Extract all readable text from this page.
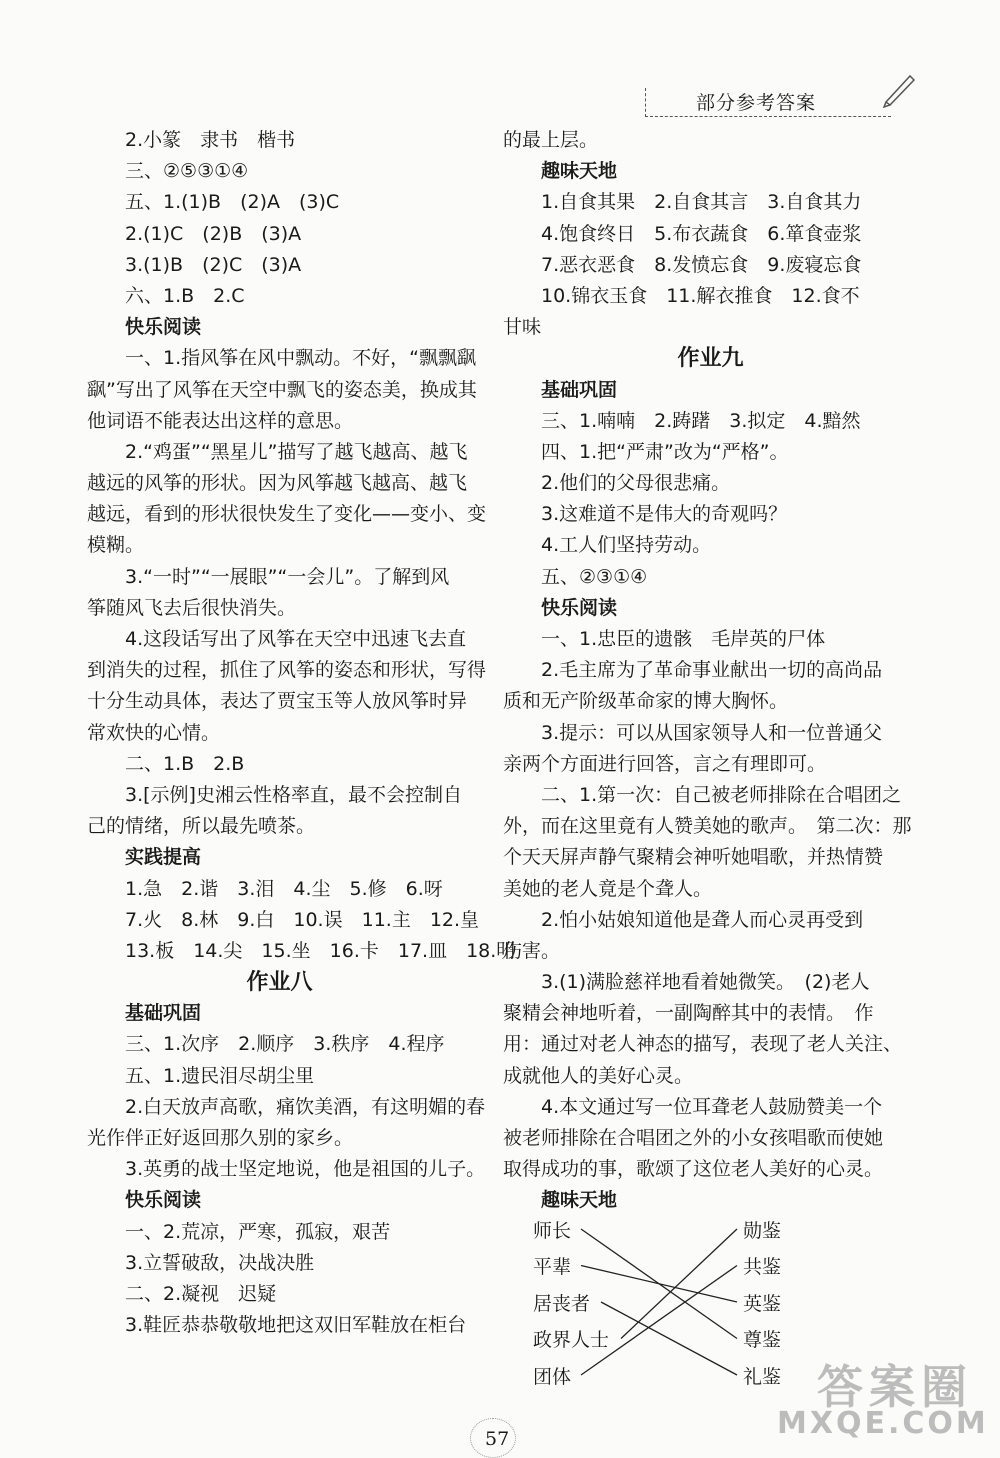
部分参考答案
2.小篆　隶书　楷书
三、②⑤③①④
五、1.(1)B　(2)A　(3)C
2.(1)C　(2)B　(3)A
3.(1)B　(2)C　(3)A
六、1.B　2.C
快乐阅读
一、1.指风筝在风中飘动。不好，“飘飘飖
飖”写出了风筝在天空中飘飞的姿态美，换成其
他词语不能表达出这样的意思。
2.“鸡蛋”“黑星儿”描写了越飞越高、越飞
越远的风筝的形状。因为风筝越飞越高、越飞
越远，看到的形状很快发生了变化——变小、变
模糊。
3.“一时”“一展眼”“一会儿”。了解到风
筝随风飞去后很快消失。
4.这段话写出了风筝在天空中迅速飞去直
到消失的过程，抓住了风筝的姿态和形状，写得
十分生动具体，表达了贾宝玉等人放风筝时异
常欢快的心情。
二、1.B　2.B
3.[示例]史湘云性格率直，最不会控制自
己的情绪，所以最先喷茶。
实践提高
1.急　2.谐　3.泪　4.尘　5.修　6.呀
7.火　8.林　9.白　10.误　11.主　12.皇
13.板　14.尖　15.坐　16.卡　17.皿　18.明
作业八
基础巩固
三、1.次序　2.顺序　3.秩序　4.程序
五、1.遗民泪尽胡尘里
2.白天放声高歌，痛饮美酒，有这明媚的春
光作伴正好返回那久别的家乡。
3.英勇的战士坚定地说，他是祖国的儿子。
快乐阅读
一、2.荒凉，严寒，孤寂，艰苦
3.立誓破敌，决战决胜
二、2.凝视　迟疑
3.鞋匠恭恭敬敬地把这双旧军鞋放在柜台
的最上层。
趣味天地
1.自食其果　2.自食其言　3.自食其力
4.饱食终日　5.布衣蔬食　6.箪食壶浆
7.恶衣恶食　8.发愤忘食　9.废寝忘食
10.锦衣玉食　11.解衣推食　12.食不
甘味
作业九
基础巩固
三、1.喃喃　2.踌躇　3.拟定　4.黯然
四、1.把“严肃”改为“严格”。
2.他们的父母很悲痛。
3.这难道不是伟大的奇观吗？
4.工人们坚持劳动。
五、②③①④
快乐阅读
一、1.忠臣的遗骸　毛岸英的尸体
2.毛主席为了革命事业献出一切的高尚品
质和无产阶级革命家的博大胸怀。
3.提示：可以从国家领导人和一位普通父
亲两个方面进行回答，言之有理即可。
二、1.第一次：自己被老师排除在合唱团之
外，而在这里竟有人赞美她的歌声。　第二次：那
个天天屏声静气聚精会神听她唱歌，并热情赞
美她的老人竟是个聋人。
2.怕小姑娘知道他是聋人而心灵再受到
伤害。
3.(1)满脸慈祥地看着她微笑。　(2)老人
聚精会神地听着，一副陶醉其中的表情。　作
用：通过对老人神态的描写，表现了老人关注、
成就他人的美好心灵。
4.本文通过写一位耳聋老人鼓励赞美一个
被老师排除在合唱团之外的小女孩唱歌而使她
取得成功的事，歌颂了这位老人美好的心灵。
趣味天地
师长
平辈
居丧者
政界人士
团体
勋鉴
共鉴
英鉴
尊鉴
礼鉴
57
答案圈
MXQE.COM
